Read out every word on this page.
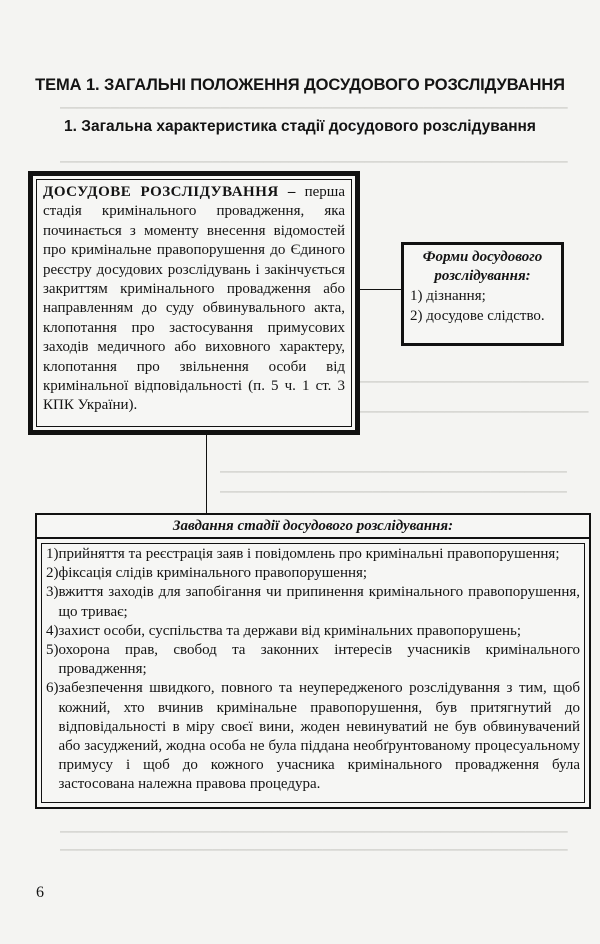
▁▁▁▁▁▁▁▁▁▁▁▁▁▁▁▁▁▁▁▁▁▁▁▁▁▁▁▁▁▁▁▁▁▁▁▁▁▁▁▁▁▁▁▁▁▁▁▁▁▁▁▁▁▁▁▁▁▁▁▁
▁▁▁▁▁▁▁▁▁▁▁▁▁▁▁▁▁▁▁▁▁▁▁▁▁▁▁▁▁▁▁▁▁▁▁▁▁▁▁▁▁▁▁▁▁▁▁▁▁▁▁▁▁▁▁▁▁▁▁▁
▁▁▁▁▁▁▁▁▁▁▁▁▁▁▁▁▁▁▁▁▁▁▁▁▁▁▁
▁▁▁▁▁▁▁▁▁▁▁▁▁▁▁▁▁▁▁▁▁▁▁▁▁▁▁
▁▁▁▁▁▁▁▁▁▁▁▁▁▁▁▁▁▁▁▁▁▁▁▁▁▁▁▁▁▁▁▁▁▁▁▁▁▁▁▁▁
▁▁▁▁▁▁▁▁▁▁▁▁▁▁▁▁▁▁▁▁▁▁▁▁▁▁▁▁▁▁▁▁▁▁▁▁▁▁▁▁▁
▁▁▁▁▁▁▁▁▁▁▁▁▁▁▁▁▁▁▁▁▁▁▁▁▁▁▁▁▁▁▁▁▁▁▁▁▁▁▁▁▁▁▁▁▁▁▁▁▁▁▁▁▁▁▁▁▁▁▁▁
▁▁▁▁▁▁▁▁▁▁▁▁▁▁▁▁▁▁▁▁▁▁▁▁▁▁▁▁▁▁▁▁▁▁▁▁▁▁▁▁▁▁▁▁▁▁▁▁▁▁▁▁▁▁▁▁▁▁▁▁
ТЕМА 1. ЗАГАЛЬНІ ПОЛОЖЕННЯ ДОСУДОВОГО РОЗСЛІДУВАННЯ
1. Загальна характеристика стадії досудового розслідування
ДОСУДОВЕ РОЗСЛІДУВАННЯ – перша стадія кримінального провадження, яка починається з моменту внесення відомостей про кримінальне правопорушення до Єдиного реєстру досудових розслідувань і закінчується закриттям кримінального провадження або направленням до суду обвинувального акта, клопотання про застосування примусових заходів медичного або виховного характеру, клопотання про звільнення особи від кримінальної відповідальності (п. 5 ч. 1 ст. 3 КПК України).
Форми досудового розслідування:
1) дізнання;
2) досудове слідство.
Завдання стадії досудового розслідування:
1) прийняття та реєстрація заяв і повідомлень про кримінальні правопорушення;
2) фіксація слідів кримінального правопорушення;
3) вжиття заходів для запобігання чи припинення кримінального правопорушення, що триває;
4) захист особи, суспільства та держави від кримінальних правопорушень;
5) охорона прав, свобод та законних інтересів учасників кримінального провадження;
6) забезпечення швидкого, повного та неупередженого розслідування з тим, щоб кожний, хто вчинив кримінальне правопорушення, був притягнутий до відповідальності в міру своєї вини, жоден невинуватий не був обвинувачений або засуджений, жодна особа не була піддана необґрунтованому процесуальному примусу і щоб до кожного учасника кримінального провадження була застосована належна правова процедура.
6
